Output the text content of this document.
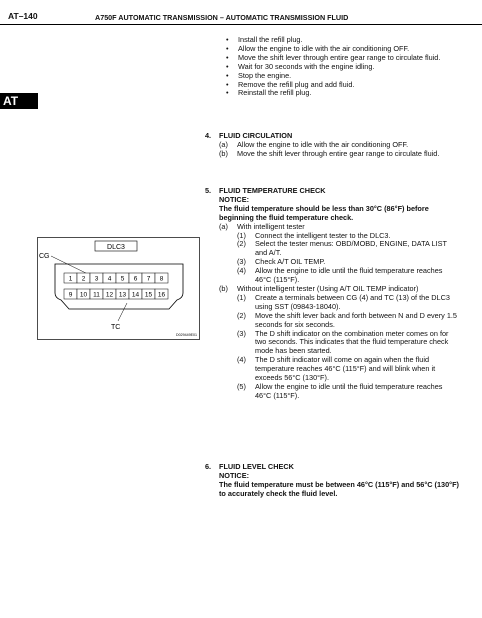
AT–140	A750F AUTOMATIC TRANSMISSION – AUTOMATIC TRANSMISSION FLUID
AT
• Install the refill plug.
• Allow the engine to idle with the air conditioning OFF.
• Move the shift lever through entire gear range to circulate fluid.
• Wait for 30 seconds with the engine idling.
• Stop the engine.
• Remove the refill plug and add fluid.
• Reinstall the refill plug.
4. FLUID CIRCULATION
(a) Allow the engine to idle with the air conditioning OFF.
(b) Move the shift lever through entire gear range to circulate fluid.
5. FLUID TEMPERATURE CHECK
NOTICE:
The fluid temperature should be less than 30°C (86°F) before beginning the fluid temperature check.
(a) With intelligent tester
(1) Connect the intelligent tester to the DLC3.
(2) Select the tester menus: OBD/MOBD, ENGINE, DATA LIST and A/T.
(3) Check A/T OIL TEMP.
(4) Allow the engine to idle until the fluid temperature reaches 46°C (115°F).
(b) Without intelligent tester (Using A/T OIL TEMP indicator)
(1) Create a terminals between CG (4) and TC (13) of the DLC3 using SST (09843-18040).
(2) Move the shift lever back and forth between N and D every 1.5 seconds for six seconds.
(3) The D shift indicator on the combination meter comes on for two seconds. This indicates that the fluid temperature check mode has been started.
(4) The D shift indicator will come on again when the fluid temperature reaches 46°C (115°F) and will blink when it exceeds 56°C (130°F).
(5) Allow the engine to idle until the fluid temperature reaches 46°C (115°F).
6. FLUID LEVEL CHECK
NOTICE:
The fluid temperature must be between 46°C (115°F) and 56°C (130°F) to accurately check the fluid level.
DLC3
CG
TC
1 2 3 4 5 6 7 8
9 10 11 12 13 14 15 16
D029449E01
